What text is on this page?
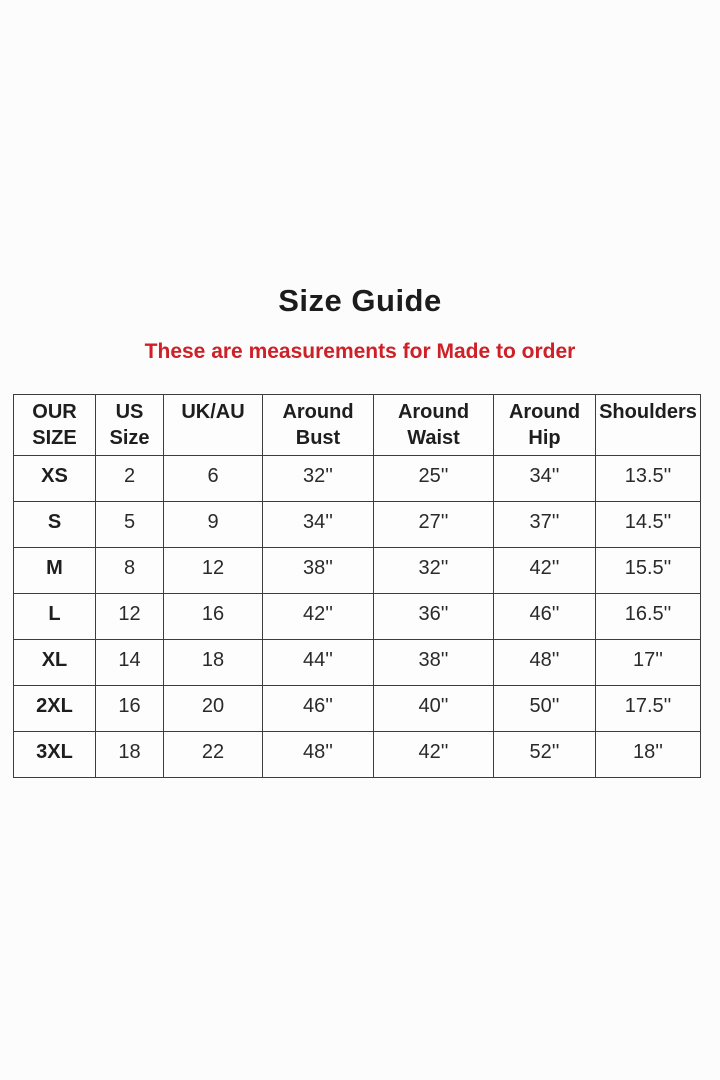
Size Guide

These are measurements for Made to order

OUR SIZE	US Size	UK/AU	Around Bust	Around Waist	Around Hip	Shoulders
XS	2	6	32''	25''	34''	13.5''
S	5	9	34''	27''	37''	14.5''
M	8	12	38''	32''	42''	15.5''
L	12	16	42''	36''	46''	16.5''
XL	14	18	44''	38''	48''	17''
2XL	16	20	46''	40''	50''	17.5''
3XL	18	22	48''	42''	52''	18''
